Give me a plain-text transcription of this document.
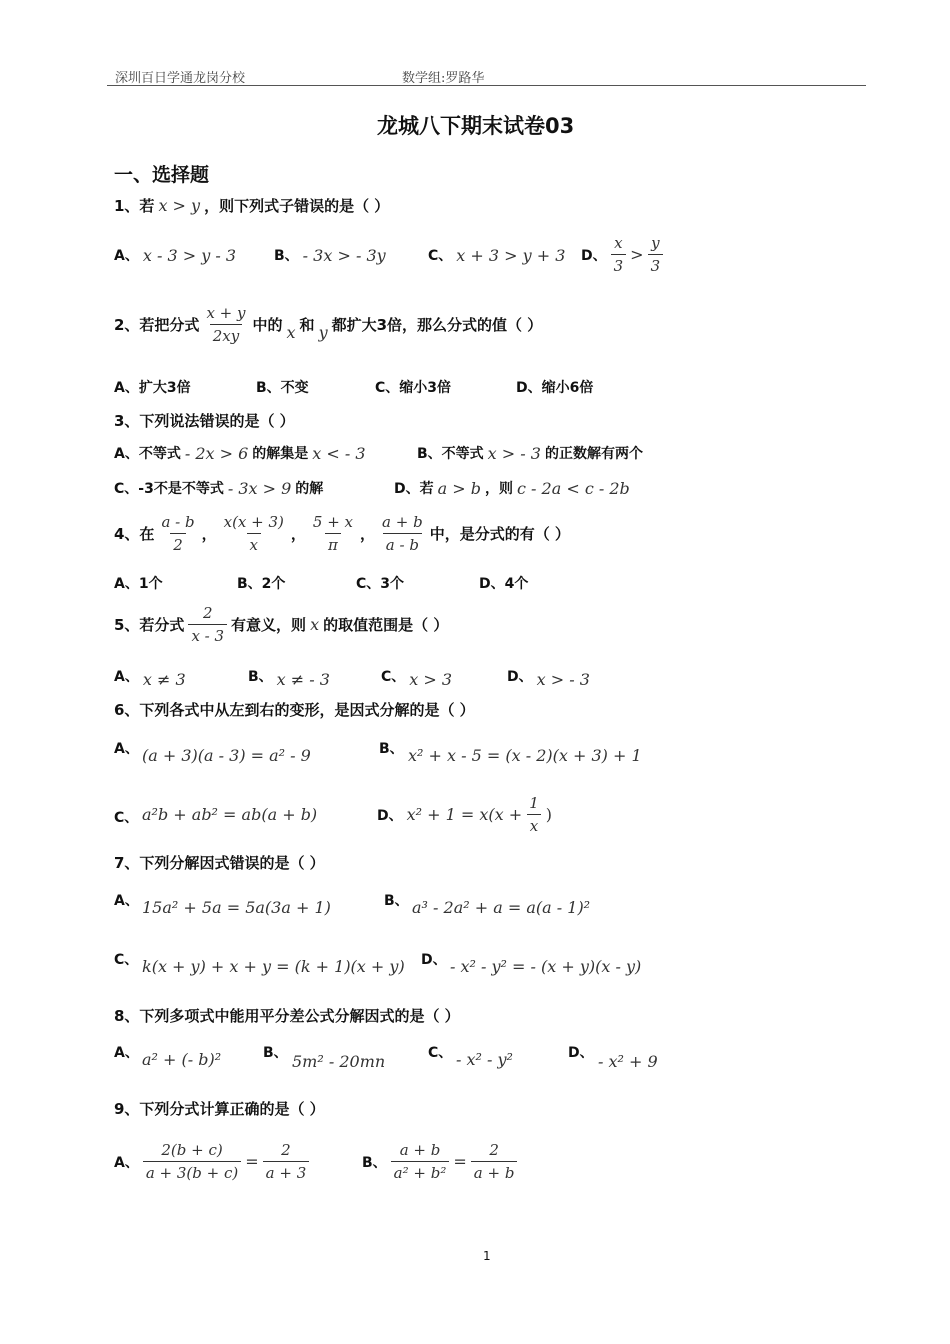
深圳百日学通龙岗分校	数学组:罗路华
龙城八下期末试卷03
一、选择题
1、若 x > y ，则下列式子错误的是（ ）
A、 x - 3 > y - 3	B、 - 3x > - 3y	C、 x + 3 > y + 3 D、 $\frac{x}{3} > \frac{y}{3}$
2、若把分式 $\frac{x + y}{2xy}$ 中的 x 和 y 都扩大3倍，那么分式的值（ ）
A、扩大3倍	B、不变	C、缩小3倍	D、缩小6倍
3、下列说法错误的是（ ）
A、不等式 - 2x > 6 的解集是 x < - 3	B、不等式 x > - 3 的正数解有两个
C、-3不是不等式 - 3x > 9 的解	D、若 a > b ，则 c - 2a < c - 2b
4、在 $\frac{a - b}{2}$ ， $\frac{x(x + 3)}{x}$ ， $\frac{5 + x}{\pi}$ ， $\frac{a + b}{a - b}$ 中，是分式的有（ ）
A、1个	B、2个	C、3个	D、4个
5、若分式 $\frac{2}{x - 3}$ 有意义，则 x 的取值范围是（ ）
A、 x ≠ 3	B、 x ≠ - 3	C、 x > 3	D、 x > - 3
6、下列各式中从左到右的变形，是因式分解的是（ ）
A、 (a + 3)(a - 3) = a² - 9	B、 x² + x - 5 = (x - 2)(x + 3) + 1
C、 a²b + ab² = ab(a + b)	D、 $x^2 + 1 = x(x + \frac{1}{x}$ )
7、下列分解因式错误的是（ ）
A、 15a² + 5a = 5a(3a + 1)	B、 a³ - 2a² + a = a(a - 1)²
C、 k(x + y) + x + y = (k + 1)(x + y) D、 - x² - y² = - (x + y)(x - y)
8、下列多项式中能用平分差公式分解因式的是（ ）
A、 a² + (- b)²	B、 5m² - 20mn	C、 - x² - y²	D、 - x² + 9
9、下列分式计算正确的是（ ）
A、 $\frac{2(b + c)}{a + 3(b + c)} = \frac{2}{a + 3}$	B、 $\frac{a + b}{\text{a² + b²}} = \frac{2}{a + b}$
1
